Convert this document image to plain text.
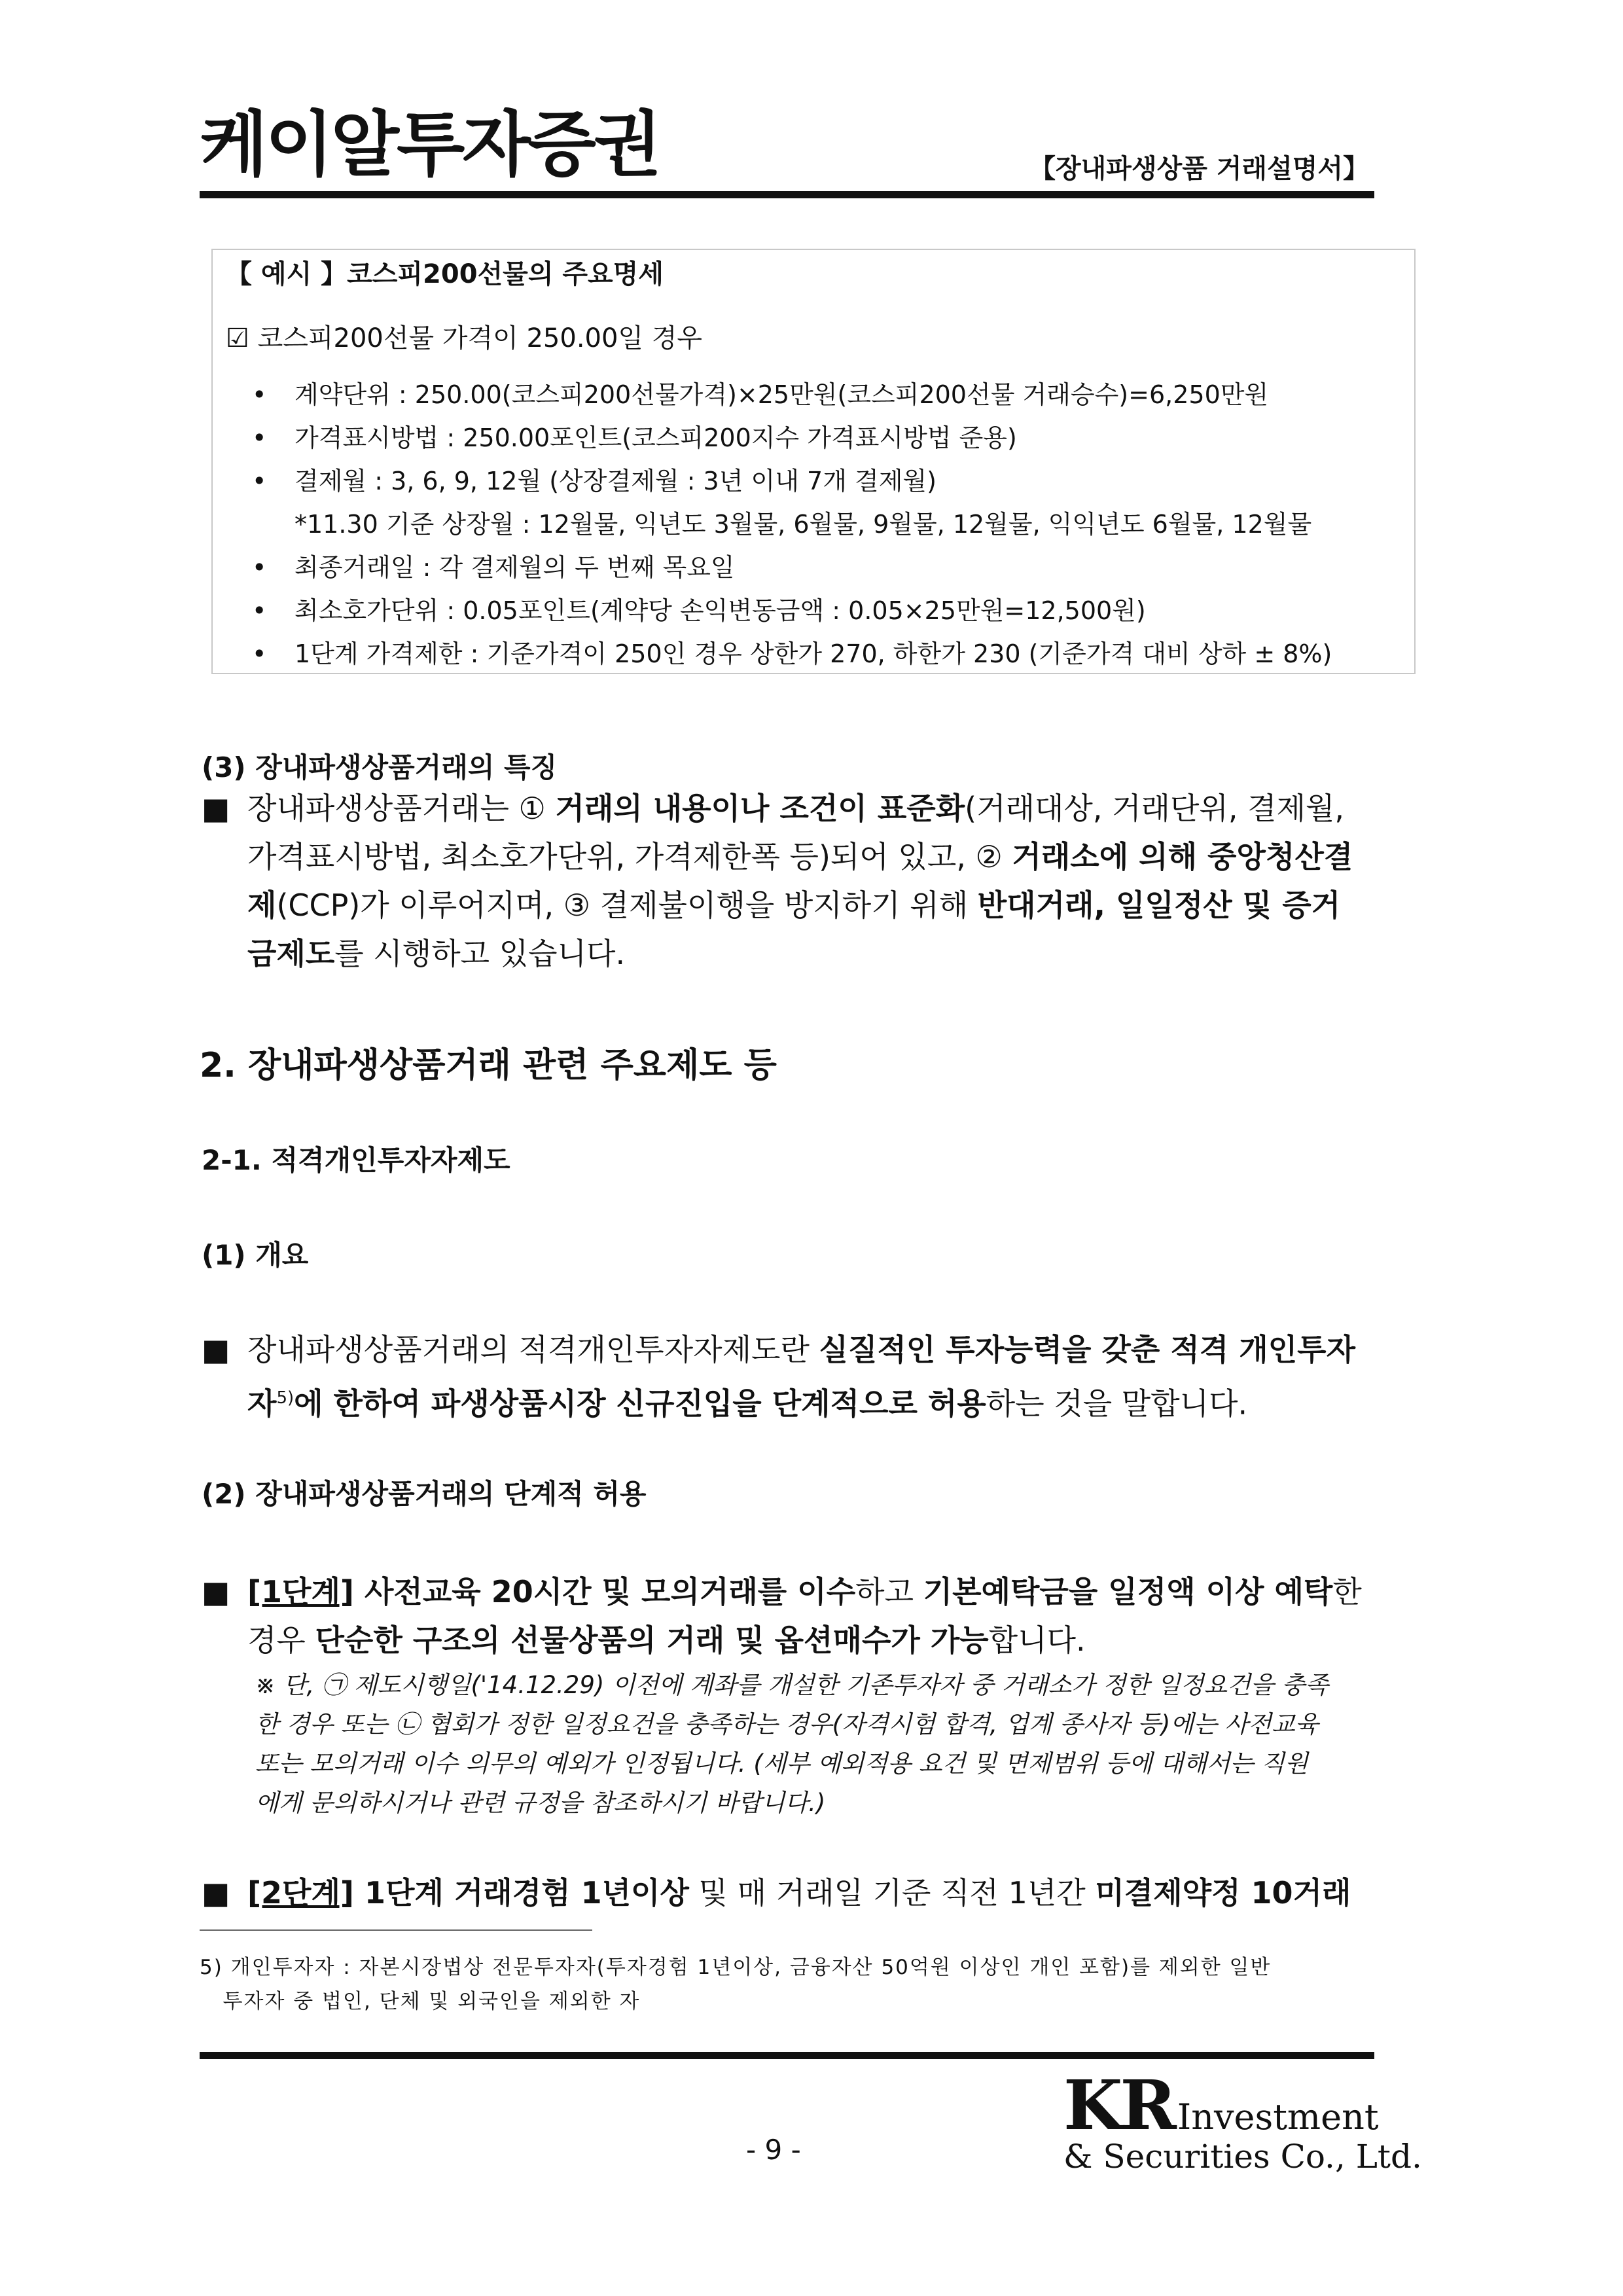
케이알투자증권	【장내파생상품 거래설명서】
【 예시 】코스피200선물의 주요명세
☑ 코스피200선물 가격이 250.00일 경우
• 계약단위 : 250.00(코스피200선물가격)×25만원(코스피200선물 거래승수)=6,250만원
• 가격표시방법 : 250.00포인트(코스피200지수 가격표시방법 준용)
• 결제월 : 3, 6, 9, 12월 (상장결제월 : 3년 이내 7개 결제월)
*11.30 기준 상장월 : 12월물, 익년도 3월물, 6월물, 9월물, 12월물, 익익년도 6월물, 12월물
• 최종거래일 : 각 결제월의 두 번째 목요일
• 최소호가단위 : 0.05포인트(계약당 손익변동금액 : 0.05×25만원=12,500원)
• 1단계 가격제한 : 기준가격이 250인 경우 상한가 270, 하한가 230 (기준가격 대비 상하 ± 8%)
(3) 장내파생상품거래의 특징
■ 장내파생상품거래는 ① 거래의 내용이나 조건이 표준화(거래대상, 거래단위, 결제월,
가격표시방법, 최소호가단위, 가격제한폭 등)되어 있고, ② 거래소에 의해 중앙청산결
제(CCP)가 이루어지며, ③ 결제불이행을 방지하기 위해 반대거래, 일일정산 및 증거
금제도를 시행하고 있습니다.
2. 장내파생상품거래 관련 주요제도 등
2-1. 적격개인투자자제도
(1) 개요
■ 장내파생상품거래의 적격개인투자자제도란 실질적인 투자능력을 갖춘 적격 개인투자
자$^{5)}$에 한하여 파생상품시장 신규진입을 단계적으로 허용하는 것을 말합니다.
(2) 장내파생상품거래의 단계적 허용
■ [1단계] 사전교육 20시간 및 모의거래를 이수하고 기본예탁금을 일정액 이상 예탁한
경우 단순한 구조의 선물상품의 거래 및 옵션매수가 가능합니다.
※ 단, ㉠ 제도시행일('14.12.29) 이전에 계좌를 개설한 기존투자자 중 거래소가 정한 일정요건을 충족
한 경우 또는 ㉡ 협회가 정한 일정요건을 충족하는 경우(자격시험 합격, 업계 종사자 등)에는 사전교육
또는 모의거래 이수 의무의 예외가 인정됩니다. (세부 예외적용 요건 및 면제범위 등에 대해서는 직원
에게 문의하시거나 관련 규정을 참조하시기 바랍니다.)
■ [2단계] 1단계 거래경험 1년이상 및 매 거래일 기준 직전 1년간 미결제약정 10거래
5) 개인투자자 : 자본시장법상 전문투자자(투자경험 1년이상, 금융자산 50억원 이상인 개인 포함)를 제외한 일반
투자자 중 법인, 단체 및 외국인을 제외한 자
- 9 -
KR Investment
& Securities Co., Ltd.
